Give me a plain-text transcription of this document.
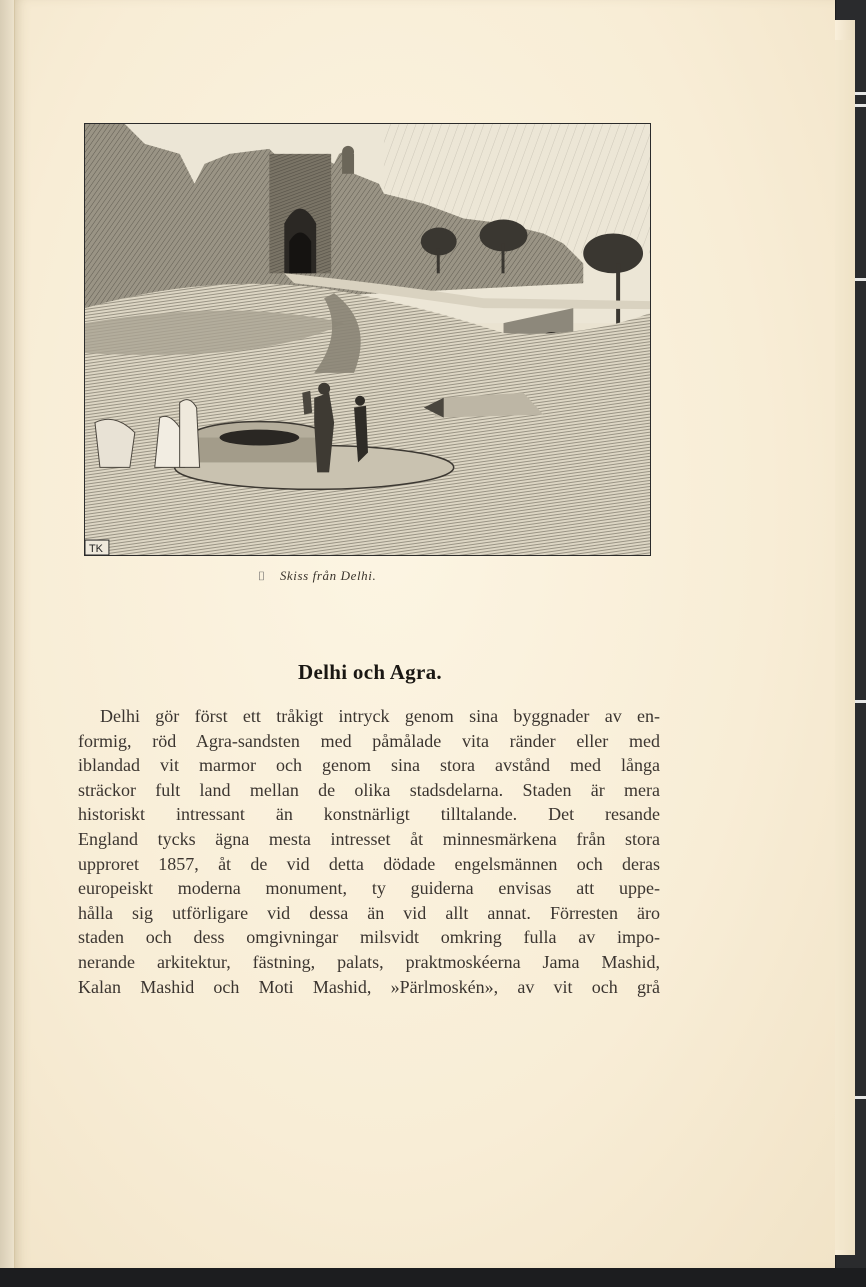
TK
⌷ Skiss från Delhi.
Delhi och Agra.
Delhi gör först ett tråkigt intryck genom sina byggnader av en-
formig, röd Agra-sandsten med påmålade vita ränder eller med
iblandad vit marmor och genom sina stora avstånd med långa
sträckor fult land mellan de olika stadsdelarna. Staden är mera
historiskt intressant än konstnärligt tilltalande. Det resande
England tycks ägna mesta intresset åt minnesmärkena från stora
upproret 1857, åt de vid detta dödade engelsmännen och deras
europeiskt moderna monument, ty guiderna envisas att uppe-
hålla sig utförligare vid dessa än vid allt annat. Förresten äro
staden och dess omgivningar milsvidt omkring fulla av impo-
nerande arkitektur, fästning, palats, praktmoskéerna Jama Mashid,
Kalan Mashid och Moti Mashid, »Pärlmoskén», av vit och grå
